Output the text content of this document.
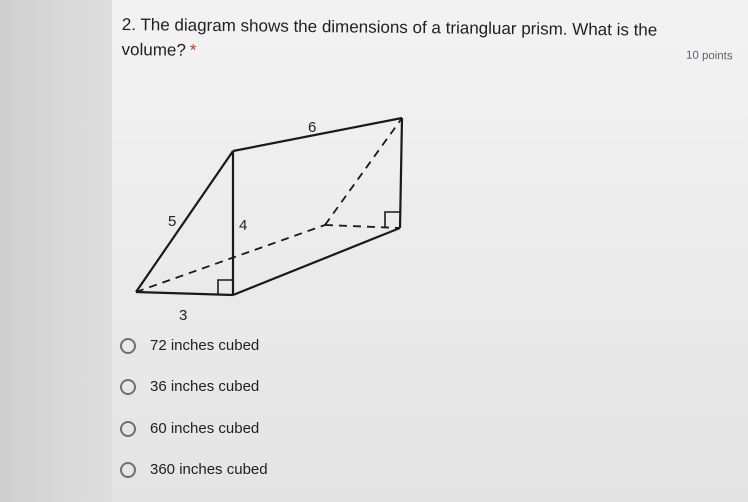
2. The diagram shows the dimensions of a triangluar prism. What is the volume? *	10 points
6
5	4
3
72 inches cubed
36 inches cubed
60 inches cubed
360 inches cubed
